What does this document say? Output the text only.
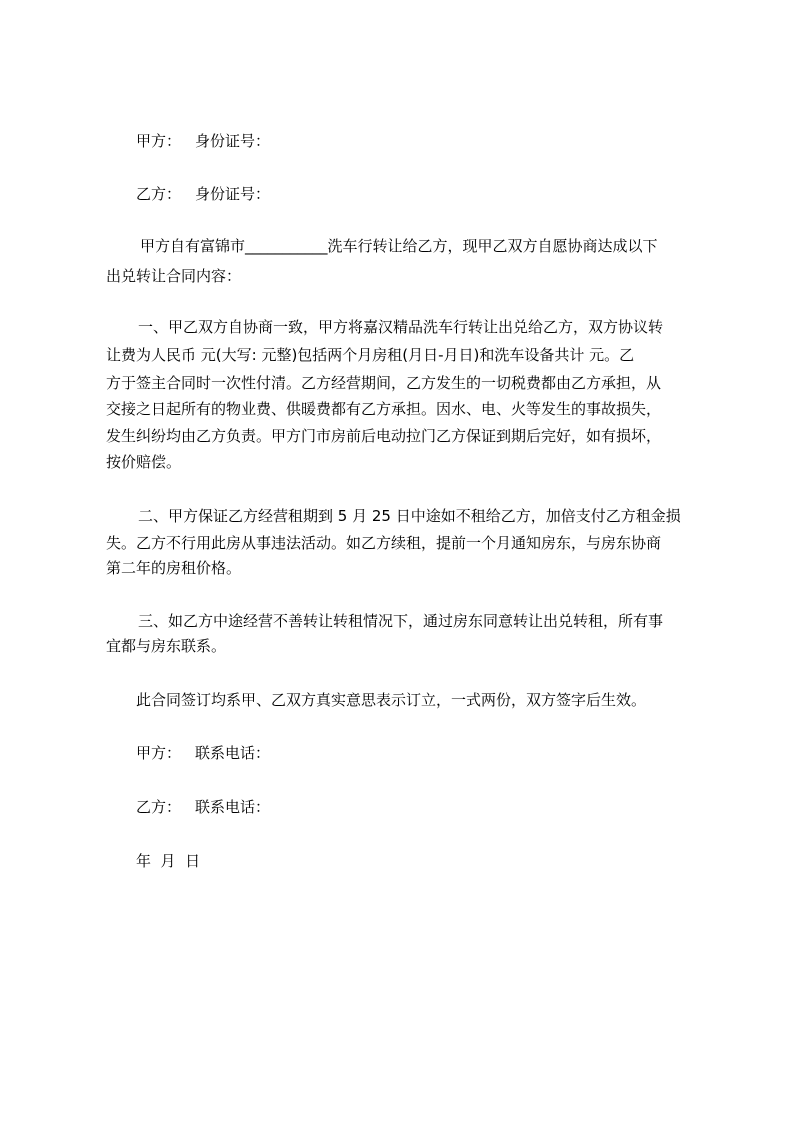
甲方： 身份证号：

乙方： 身份证号：

甲方自有富锦市___________洗车行转让给乙方，现甲乙双方自愿协商达成以下

出兑转让合同内容：

一、甲乙双方自协商一致，甲方将嘉汉精品洗车行转让出兑给乙方，双方协议转

让费为人民币 元(大写: 元整)包括两个月房租(月日-月日)和洗车设备共计 元。乙

方于签主合同时一次性付清。乙方经营期间，乙方发生的一切税费都由乙方承担，从

交接之日起所有的物业费、供暖费都有乙方承担。因水、电、火等发生的事故损失，

发生纠纷均由乙方负责。甲方门市房前后电动拉门乙方保证到期后完好，如有损坏，

按价赔偿。

二、甲方保证乙方经营租期到 5 月 25 日中途如不租给乙方，加倍支付乙方租金损

失。乙方不行用此房从事违法活动。如乙方续租，提前一个月通知房东，与房东协商

第二年的房租价格。

三、如乙方中途经营不善转让转租情况下，通过房东同意转让出兑转租，所有事

宜都与房东联系。

此合同签订均系甲、乙双方真实意思表示订立，一式两份，双方签字后生效。

甲方： 联系电话：

乙方： 联系电话：

年  月  日
